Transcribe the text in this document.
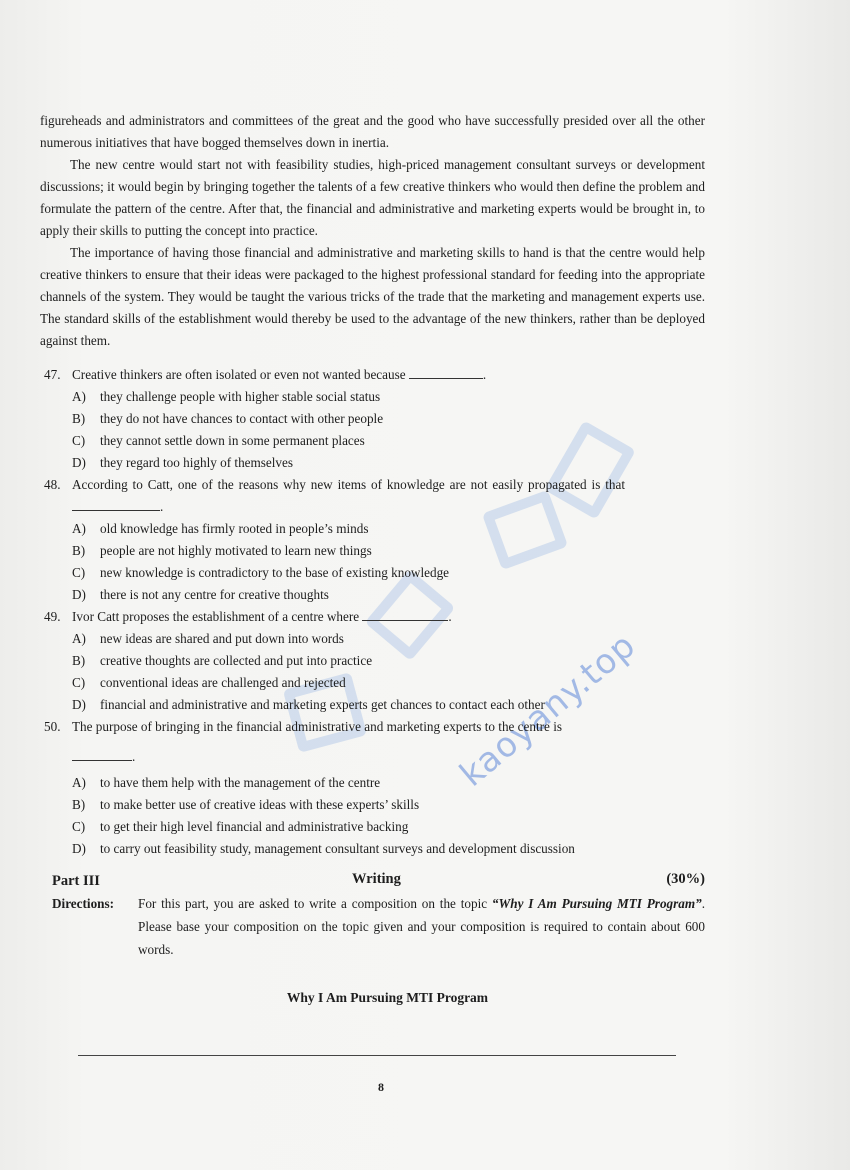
kaoyany.top

figureheads and administrators and committees of the great and the good who have successfully presided over all the other numerous initiatives that have bogged themselves down in inertia.

The new centre would start not with feasibility studies, high-priced management consultant surveys or development discussions; it would begin by bringing together the talents of a few creative thinkers who would then define the problem and formulate the pattern of the centre. After that, the financial and administrative and marketing experts would be brought in, to apply their skills to putting the concept into practice.

The importance of having those financial and administrative and marketing skills to hand is that the centre would help creative thinkers to ensure that their ideas were packaged to the highest professional standard for feeding into the appropriate channels of the system. They would be taught the various tricks of the trade that the marketing and management experts use. The standard skills of the establishment would thereby be used to the advantage of the new thinkers, rather than be deployed against them.

47. Creative thinkers are often isolated or even not wanted because	.
A) they challenge people with higher stable social status
B) they do not have chances to contact with other people
C) they cannot settle down in some permanent places
D) they regard too highly of themselves
48. According to Catt, one of the reasons why new items of knowledge are not easily propagated is that .
A) old knowledge has firmly rooted in people’s minds
B) people are not highly motivated to learn new things
C) new knowledge is contradictory to the base of existing knowledge
D) there is not any centre for creative thoughts
49. Ivor Catt proposes the establishment of a centre where	.
A) new ideas are shared and put down into words
B) creative thoughts are collected and put into practice
C) conventional ideas are challenged and rejected
D) financial and administrative and marketing experts get chances to contact each other
50. The purpose of bringing in the financial administrative and marketing experts to the centre is
.
A) to have them help with the management of the centre
B) to make better use of creative ideas with these experts’ skills
C) to get their high level financial and administrative backing
D) to carry out feasibility study, management consultant surveys and development discussion
Part III	Writing	(30%)
Directions: For this part, you are asked to write a composition on the topic “Why I Am Pursuing MTI Program”. Please base your composition on the topic given and your composition is required to contain about 600 words.
Why I Am Pursuing MTI Program
8
